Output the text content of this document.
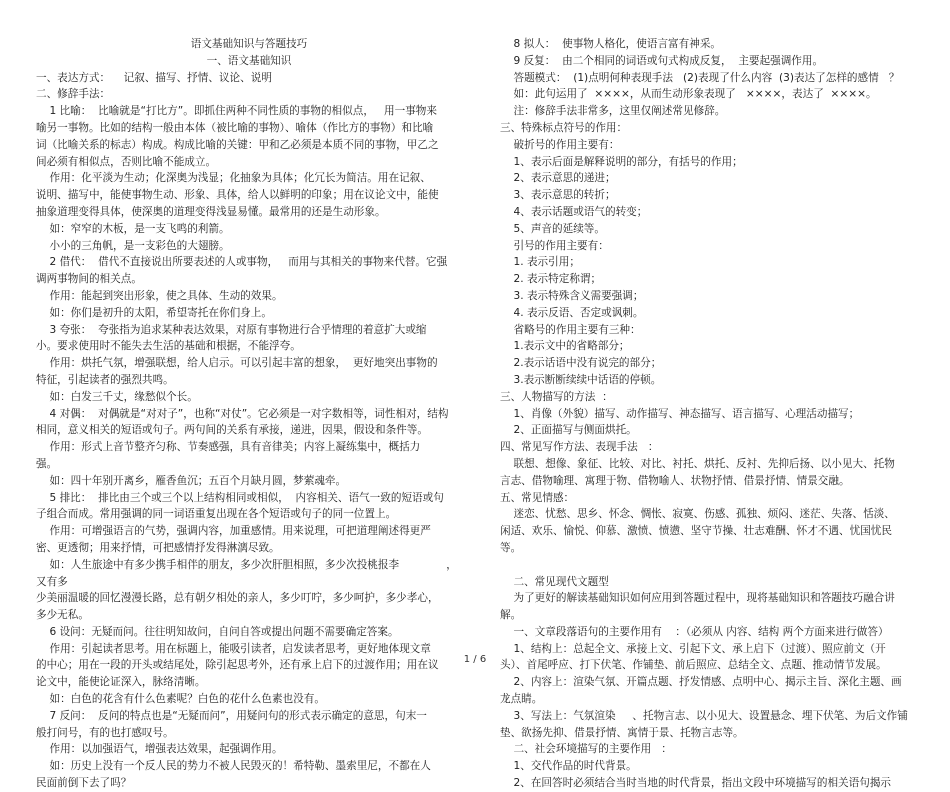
语文基础知识与答题技巧

一、语文基础知识

一、表达方式：    记叙、描写、抒情、议论、说明

二、修辞手法：

1 比喻：  比喻就是“打比方”。即抓住两种不同性质的事物的相似点，   用一事物来

喻另一事物。比如的结构一般由本体（被比喻的事物）、喻体（作比方的事物）和比喻

词（比喻关系的标志）构成。构成比喻的关键：甲和乙必须是本质不同的事物，甲乙之

间必须有相似点，否则比喻不能成立。

作用：化平淡为生动；化深奥为浅显；化抽象为具体；化冗长为简洁。用在记叙、

说明、描写中，能使事物生动、形象、具体，给人以鲜明的印象；用在议论文中，能使

抽象道理变得具体，使深奥的道理变得浅显易懂。最常用的还是生动形象。

如：窄窄的木板，是一支飞鸣的利箭。

小小的三角帆，是一支彩色的大翅膀。

2 借代：  借代不直接说出所要表述的人或事物，   而用与其相关的事物来代替。它强

调两事物间的相关点。

作用：能起到突出形象，使之具体、生动的效果。

如：你们是初升的太阳，希望寄托在你们身上。

3 夸张：  夸张指为追求某种表达效果，对原有事物进行合乎情理的着意扩大或缩

小。要求使用时不能失去生活的基础和根据，不能浮夸。

作用：烘托气氛，增强联想，给人启示。可以引起丰富的想象，  更好地突出事物的

特征，引起读者的强烈共鸣。

如：白发三千丈，缘愁似个长。

4 对偶：  对偶就是“对对子”，也称“对仗”。它必须是一对字数相等，词性相对，结构

相同，意义相关的短语或句子。两句间的关系有承接，递进，因果，假设和条件等。

作用：形式上音节整齐匀称、节奏感强，具有音律美；内容上凝练集中，概括力

强。

如：四十年别开离乡，雁香鱼沉；五百个月缺月圆，梦萦魂牵。

5 排比：  排比由三个或三个以上结构相同或相似，  内容相关、语气一致的短语或句

子组合而成。常用强调的同一词语重复出现在各个短语或句子的同一位置上。

作用：可增强语言的气势，强调内容，加重感情。用来说理，可把道理阐述得更严

密、更透彻；用来抒情，可把感情抒发得淋漓尽致。

如：人生旅途中有多少携手相伴的朋友，多少次肝胆相照，多少次投桃报李              ，又有多

少美丽温暖的回忆漫漫长路，总有朝夕相处的亲人，多少叮咛，多少呵护，多少孝心，

多少无私。

6 设问：无疑而问。往往明知故问，自问自答或提出问题不需要确定答案。

作用：引起读者思考。用在标题上，能吸引读者，启发读者思考，更好地体现文章

的中心；用在一段的开头或结尾处，除引起思考外，还有承上启下的过渡作用；用在议

论文中，能使论证深入，脉络清晰。

如：白色的花含有什么色素呢？白色的花什么色素也没有。

7 反问：  反问的特点也是“无疑而问”，用疑问句的形式表示确定的意思，句末一

般打问号，有的也打感叹号。

作用：以加强语气，增强表达效果，起强调作用。

如：历史上没有一个反人民的势力不被人民毁灭的！希特勒、墨索里尼，不都在人

民面前倒下去了吗？

8 拟人：  使事物人格化，使语言富有神采。

9 反复：  由二个相同的词语或句式构成反复，  主要起强调作用。

答题模式：  (1)点明何种表现手法   (2)表现了什么内容  (3)表达了怎样的感情   ？

如：此句运用了  ××××，从而生动形象表现了   ××××，表达了  ××××。

注：修辞手法非常多，这里仅阐述常见修辞。

三、特殊标点符号的作用：

破折号的作用主要有：

1、表示后面是解释说明的部分，有括号的作用；

2、表示意思的递进；

3、表示意思的转折；

4、表示话题或语气的转变；

5、声音的延续等。

引号的作用主要有：

1. 表示引用；

2. 表示特定称谓；

3. 表示特殊含义需要强调；

4. 表示反语、否定或讽刺。

省略号的作用主要有三种：

1.表示文中的省略部分；

2.表示话语中没有说完的部分；

3.表示断断续续中话语的停顿。

三、人物描写的方法  ：

1、肖像（外貌）描写、动作描写、神态描写、语言描写、心理活动描写；

2、正面描写与侧面烘托。

四、常见写作方法、表现手法   ：

联想、想像、象征、比较、对比、衬托、烘托、反衬、先抑后扬、以小见大、托物

言志、借物喻理、寓理于物、借物喻人、状物抒情、借景抒情、情景交融。

五、常见情感：

迷恋、忧愁、思乡、怀念、惆怅、寂寞、伤感、孤独、烦闷、迷茫、失落、恬淡、

闲适、欢乐、愉悦、仰慕、激愤、愤懑、坚守节操、壮志难酬、怀才不遇、忧国忧民

等。

二、常见现代文题型

为了更好的解读基础知识如何应用到答题过程中，现将基础知识和答题技巧融合讲

解。

一、文章段落语句的主要作用有    ：（必须从 内容、结构 两个方面来进行做答）

1、结构上：总起全文、承接上文、引起下文、承上启下（过渡）、照应前文（开

头）、首尾呼应、打下伏笔、作铺垫、前后照应、总结全文、点题、推动情节发展。

2、内容上：渲染气氛、开篇点题、抒发情感、点明中心、揭示主旨、深化主题、画

龙点睛。

3、写法上：气氛渲染     、托物言志、以小见大、设置悬念、埋下伏笔、为后文作铺

垫、欲扬先抑、借景抒情、寓情于景、托物言志等。

二、社会环境描写的主要作用   ：

1、交代作品的时代背景。

2、在回答时必须结合当时当地的时代背景，指出文段中环境描写的相关语句揭示

1 / 6
